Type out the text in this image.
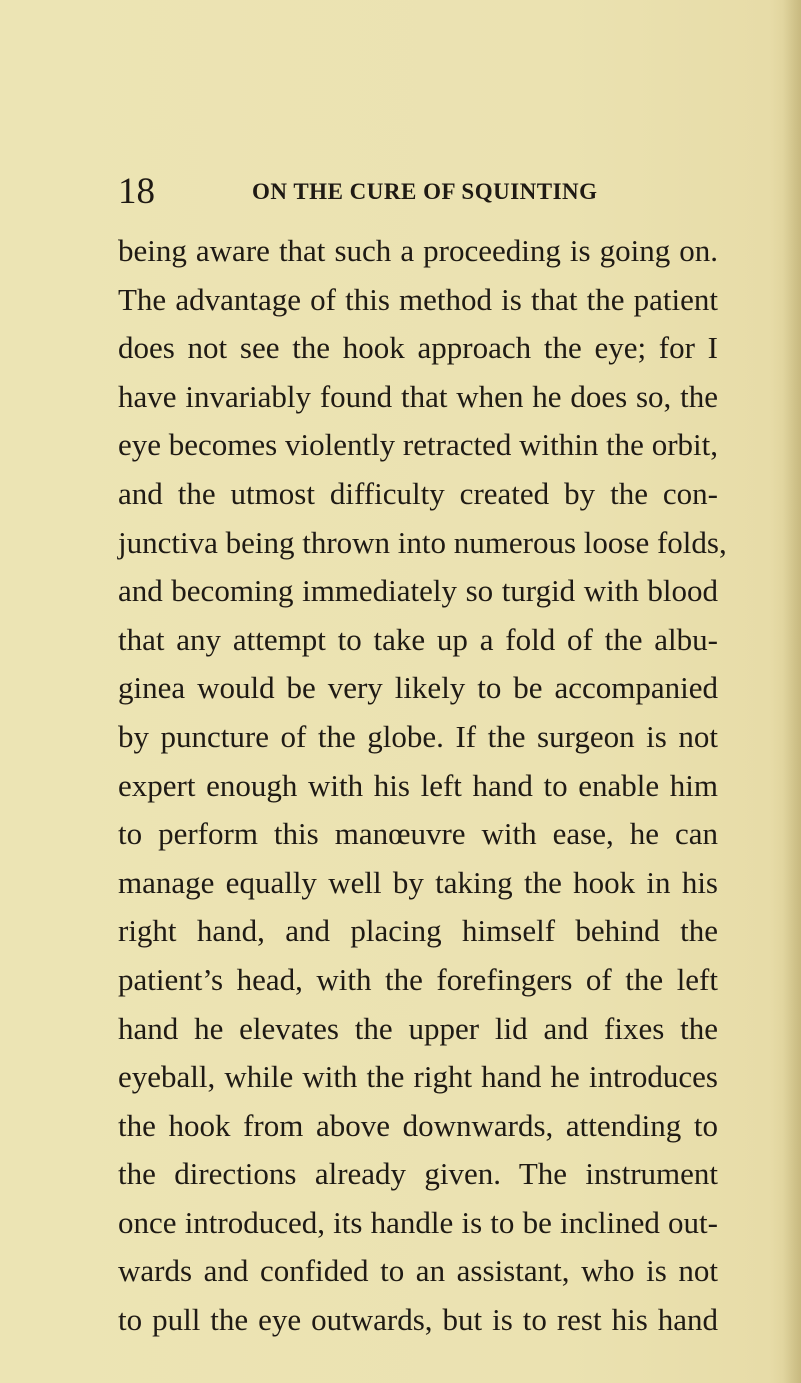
18	ON THE CURE OF SQUINTING
being aware that such a proceeding is going on.
The advantage of this method is that the patient
does not see the hook approach the eye; for I
have invariably found that when he does so, the
eye becomes violently retracted within the orbit,
and the utmost difficulty created by the con-
junctiva being thrown into numerous loose folds,
and becoming immediately so turgid with blood
that any attempt to take up a fold of the albu-
ginea would be very likely to be accompanied
by puncture of the globe. If the surgeon is not
expert enough with his left hand to enable him
to perform this manœuvre with ease, he can
manage equally well by taking the hook in his
right hand, and placing himself behind the
patient’s head, with the forefingers of the left
hand he elevates the upper lid and fixes the
eyeball, while with the right hand he introduces
the hook from above downwards, attending to
the directions already given. The instrument
once introduced, its handle is to be inclined out-
wards and confided to an assistant, who is not
to pull the eye outwards, but is to rest his hand
